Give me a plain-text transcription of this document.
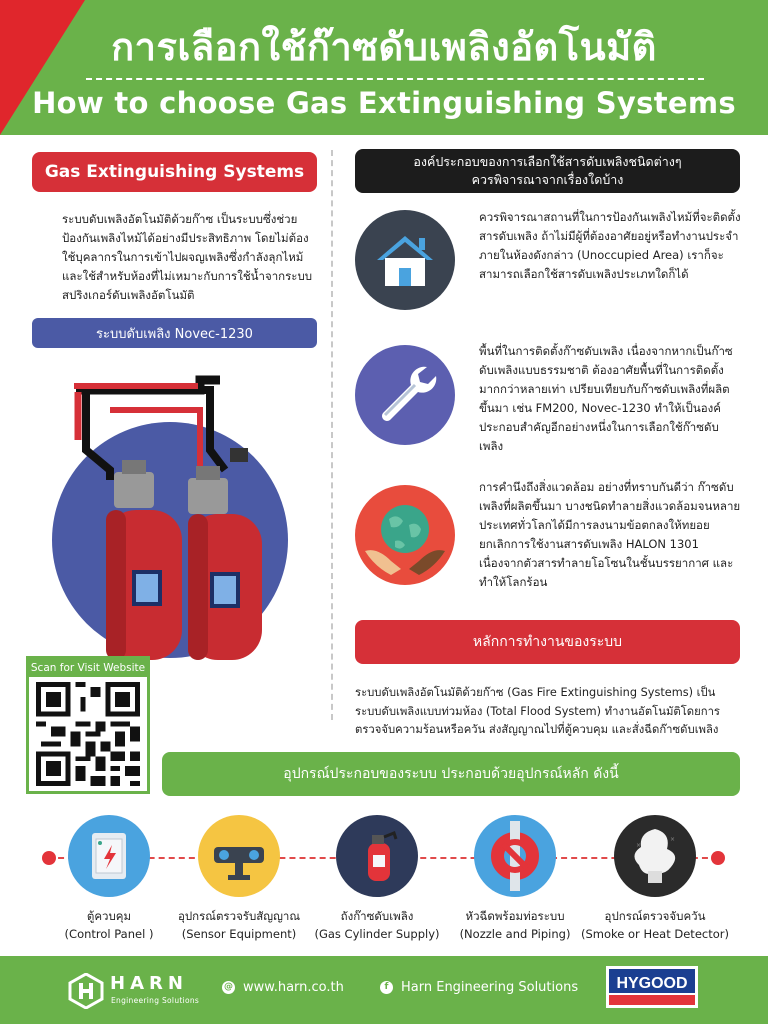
การเลือกใช้ก๊าซดับเพลิงอัตโนมัติ
How to choose Gas Extinguishing Systems
Gas Extinguishing Systems
ระบบดับเพลิงอัตโนมัติด้วยก๊าซ เป็นระบบซึ่งช่วยป้องกันเพลิงไหม้ได้อย่างมีประสิทธิภาพ โดยไม่ต้องใช้บุคลากรในการเข้าไปผจญเพลิงซึ่งกำลังลุกไหม้ และใช้สำหรับห้องที่ไม่เหมาะกับการใช้น้ำจากระบบสปริงเกอร์ดับเพลิงอัตโนมัติ
ระบบดับเพลิง Novec-1230
Scan for Visit Website
องค์ประกอบของการเลือกใช้สารดับเพลิงชนิดต่างๆ
ควรพิจารณาจากเรื่องใดบ้าง
ควรพิจารณาสถานที่ในการป้องกันเพลิงไหม้ที่จะติดตั้งสารดับเพลิง ถ้าไม่มีผู้ที่ต้องอาศัยอยู่หรือทำงานประจำภายในห้องดังกล่าว (Unoccupied Area) เราก็จะสามารถเลือกใช้สารดับเพลิงประเภทใดก็ได้
พื้นที่ในการติดตั้งก๊าซดับเพลิง เนื่องจากหากเป็นก๊าซดับเพลิงแบบธรรมชาติ ต้องอาศัยพื้นที่ในการติดตั้งมากกว่าหลายเท่า เปรียบเทียบกับก๊าซดับเพลิงที่ผลิตขึ้นมา เช่น FM200, Novec-1230 ทำให้เป็นองค์ประกอบสำคัญอีกอย่างหนึ่งในการเลือกใช้ก๊าซดับเพลิง
การคำนึงถึงสิ่งแวดล้อม อย่างที่ทราบกันดีว่า ก๊าซดับเพลิงที่ผลิตขึ้นมา บางชนิดทำลายสิ่งแวดล้อมจนหลายประเทศทั่วโลกได้มีการลงนามข้อตกลงให้ทยอยยกเลิกการใช้งานสารดับเพลิง HALON 1301 เนื่องจากตัวสารทำลายโอโซนในชั้นบรรยากาศ และทำให้โลกร้อน
หลักการทำงานของระบบ
ระบบดับเพลิงอัตโนมัติด้วยก๊าซ (Gas Fire Extinguishing Systems) เป็นระบบดับเพลิงแบบท่วมห้อง (Total Flood System) ทำงานอัตโนมัติโดยการตรวจจับความร้อนหรือควัน ส่งสัญญาณไปที่ตู้ควบคุม และสั่งฉีดก๊าซดับเพลิง
อุปกรณ์ประกอบของระบบ ประกอบด้วยอุปกรณ์หลัก ดังนี้
ตู้ควบคุม
(Control Panel )
อุปกรณ์ตรวจรับสัญญาณ
(Sensor Equipment)
ถังก๊าซดับเพลิง
(Gas Cylinder Supply)
หัวฉีดพร้อมท่อระบบ
(Nozzle and Piping)
×
×
อุปกรณ์ตรวจจับควัน
(Smoke or Heat Detector)
HARN
Engineering Solutions
@ www.harn.co.th	f Harn Engineering Solutions HYGOOD
